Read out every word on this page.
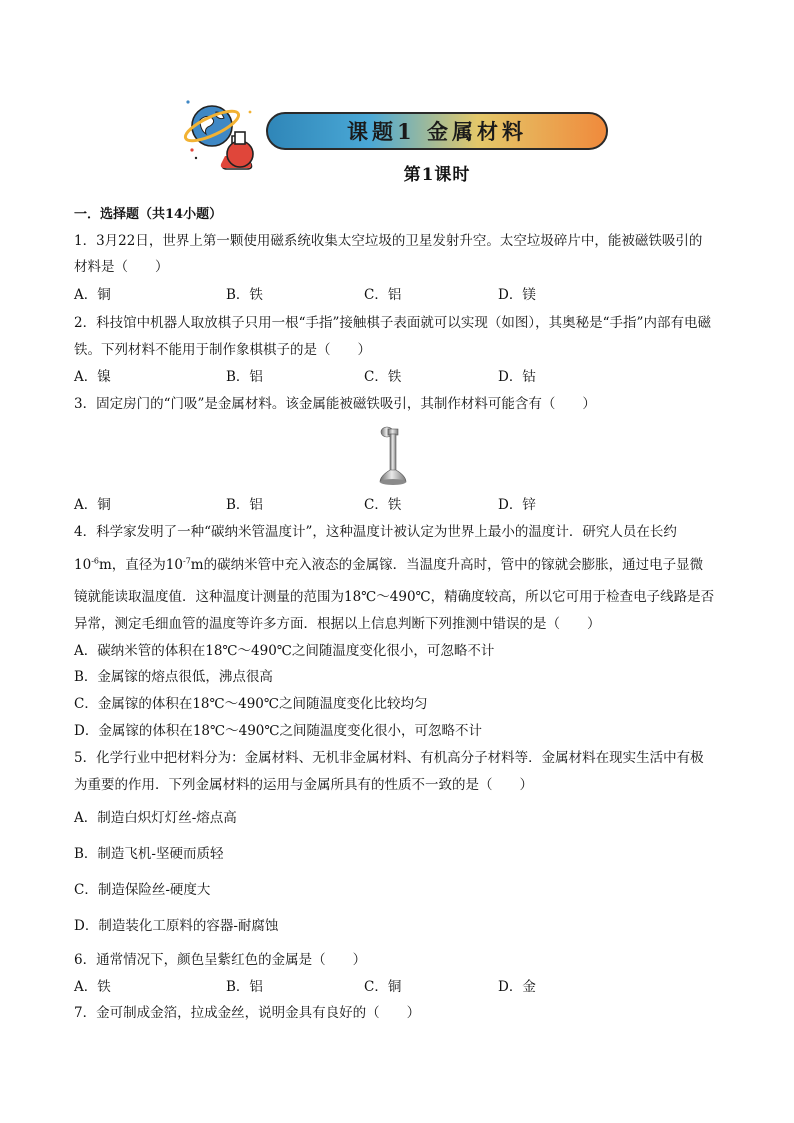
课题1 金属材料
第1课时
一．选择题（共14小题）
1．3月22日，世界上第一颗使用磁系统收集太空垃圾的卫星发射升空。太空垃圾碎片中，能被磁铁吸引的
材料是（　　）
A．铜	B．铁	C．铝	D．镁
2．科技馆中机器人取放棋子只用一根“手指”接触棋子表面就可以实现（如图），其奥秘是“手指”内部有电磁
铁。下列材料不能用于制作象棋棋子的是（　　）
A．镍	B．铝	C．铁	D．钴
3．固定房门的“门吸”是金属材料。该金属能被磁铁吸引，其制作材料可能含有（　　）
A．铜	B．铝	C．铁	D．锌
4．科学家发明了一种“碳纳米管温度计”，这种温度计被认定为世界上最小的温度计．研究人员在长约
$10^{-6}m$，直径为$10^{-7}m$的碳纳米管中充入液态的金属镓．当温度升高时，管中的镓就会膨胀，通过电子显微
镜就能读取温度值．这种温度计测量的范围为18℃～490℃，精确度较高，所以它可用于检查电子线路是否
异常，测定毛细血管的温度等许多方面．根据以上信息判断下列推测中错误的是（　　）
A．碳纳米管的体积在18℃～490℃之间随温度变化很小，可忽略不计
B．金属镓的熔点很低，沸点很高
C．金属镓的体积在18℃～490℃之间随温度变化比较均匀
D．金属镓的体积在18℃～490℃之间随温度变化很小，可忽略不计
5．化学行业中把材料分为：金属材料、无机非金属材料、有机高分子材料等．金属材料在现实生活中有极
为重要的作用．下列金属材料的运用与金属所具有的性质不一致的是（　　）
A．制造白炽灯灯丝-熔点高
B．制造飞机-坚硬而质轻
C．制造保险丝-硬度大
D．制造装化工原料的容器-耐腐蚀
6．通常情况下，颜色呈紫红色的金属是（　　）
A．铁	B．铝	C．铜	D．金
7．金可制成金箔，拉成金丝，说明金具有良好的（　　）
